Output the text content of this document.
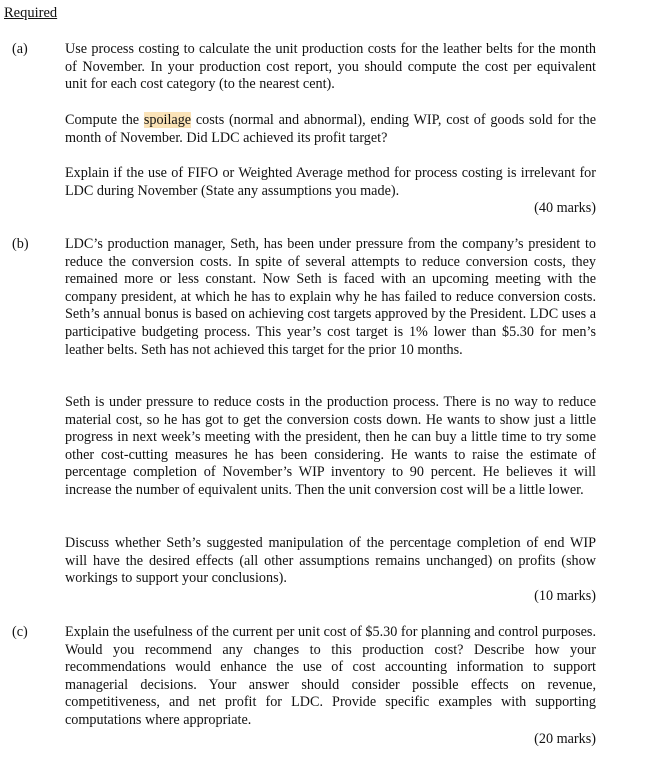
Required
(a)	Use process costing to calculate the unit production costs for the leather belts for the month of November. In your production cost report, you should compute the cost per equivalent unit for each cost category (to the nearest cent).

Compute the spoilage costs (normal and abnormal), ending WIP, cost of goods sold for the month of November. Did LDC achieved its profit target?

Explain if the use of FIFO or Weighted Average method for process costing is irrelevant for LDC during November (State any assumptions you made).

(40 marks)
(b)	LDC’s production manager, Seth, has been under pressure from the company’s president to reduce the conversion costs. In spite of several attempts to reduce conversion costs, they remained more or less constant. Now Seth is faced with an upcoming meeting with the company president, at which he has to explain why he has failed to reduce conversion costs. Seth’s annual bonus is based on achieving cost targets approved by the President. LDC uses a participative budgeting process. This year’s cost target is 1% lower than $5.30 for men’s leather belts. Seth has not achieved this target for the prior 10 months.

Seth is under pressure to reduce costs in the production process. There is no way to reduce material cost, so he has got to get the conversion costs down. He wants to show just a little progress in next week’s meeting with the president, then he can buy a little time to try some other cost-cutting measures he has been considering. He wants to raise the estimate of percentage completion of November’s WIP inventory to 90 percent. He believes it will increase the number of equivalent units. Then the unit conversion cost will be a little lower.

Discuss whether Seth’s suggested manipulation of the percentage completion of end WIP will have the desired effects (all other assumptions remains unchanged) on profits (show workings to support your conclusions).

(10 marks)
(c)	Explain the usefulness of the current per unit cost of $5.30 for planning and control purposes. Would you recommend any changes to this production cost? Describe how your recommendations would enhance the use of cost accounting information to support managerial decisions. Your answer should consider possible effects on revenue, competitiveness, and net profit for LDC. Provide specific examples with supporting computations where appropriate.

(20 marks)
